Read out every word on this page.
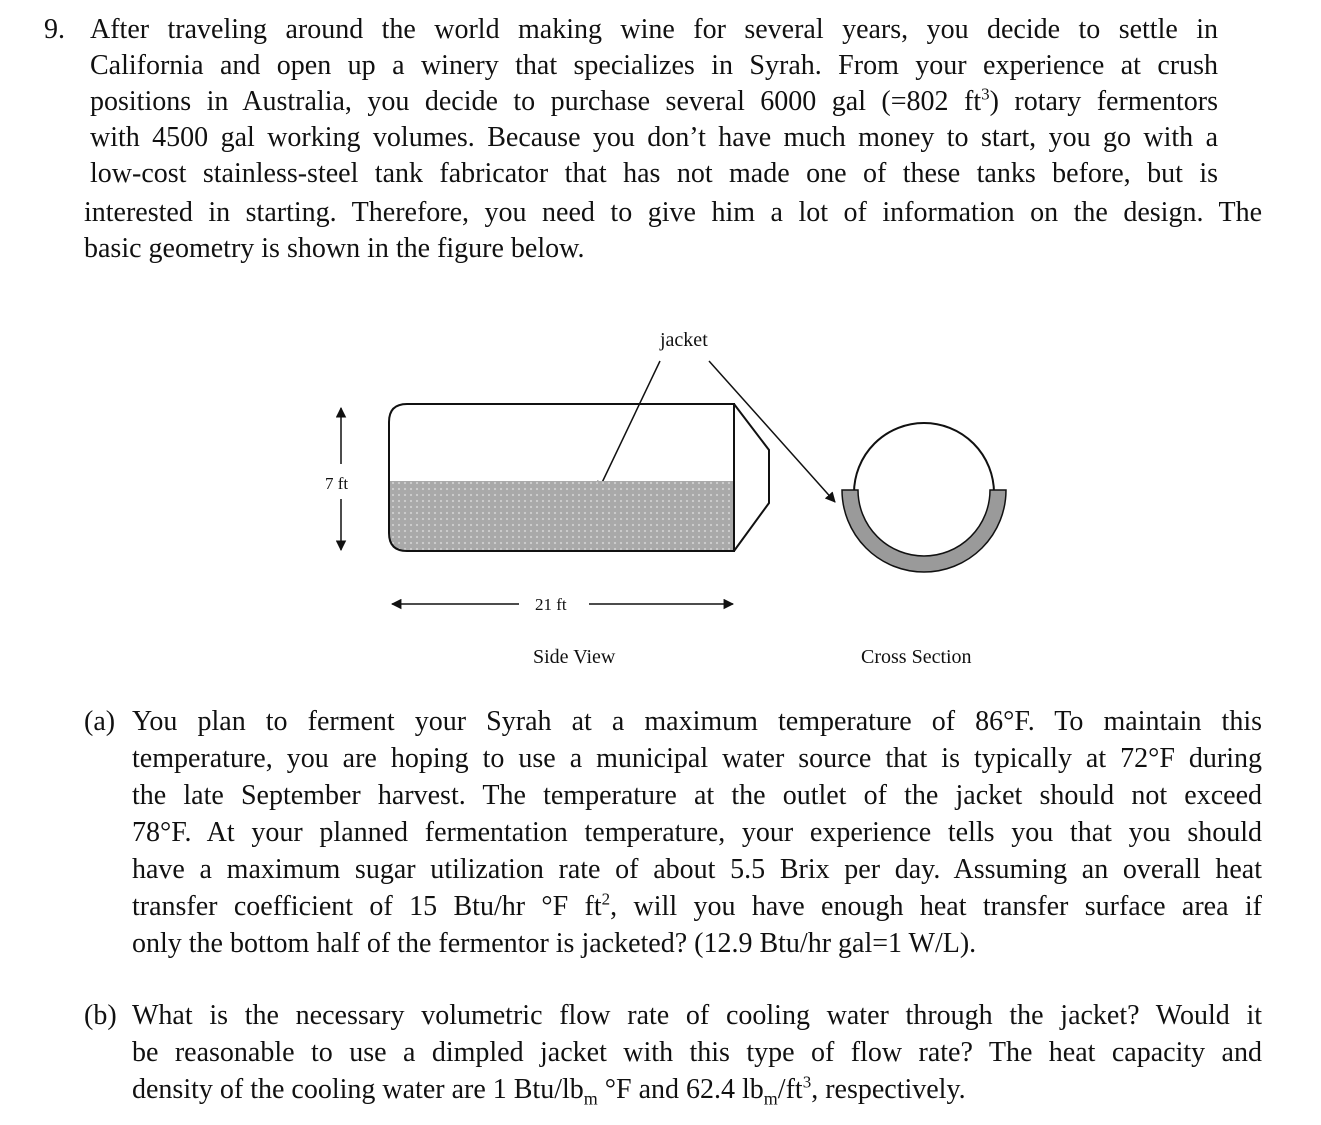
9. After traveling around the world making wine for several years, you decide to settle in
California and open up a winery that specializes in Syrah. From your experience at crush
positions in Australia, you decide to purchase several 6000 gal (=802 $ft^3$) rotary fermentors
with 4500 gal working volumes. Because you don’t have much money to start, you go with a
low-cost stainless-steel tank fabricator that has not made one of these tanks before, but is
interested in starting. Therefore, you need to give him a lot of information on the design. The
basic geometry is shown in the figure below.
jacket
7 ft
21 ft
Side View	Cross Section
(a) You plan to ferment your Syrah at a maximum temperature of 86°F. To maintain this
temperature, you are hoping to use a municipal water source that is typically at 72°F during
the late September harvest. The temperature at the outlet of the jacket should not exceed
78°F. At your planned fermentation temperature, your experience tells you that you should
have a maximum sugar utilization rate of about 5.5 Brix per day. Assuming an overall heat
transfer coefficient of 15 Btu/hr °F $ft^2$, will you have enough heat transfer surface area if
only the bottom half of the fermentor is jacketed? (12.9 Btu/hr gal=1 W/L).
(b) What is the necessary volumetric flow rate of cooling water through the jacket? Would it
be reasonable to use a dimpled jacket with this type of flow rate? The heat capacity and
density of the cooling water are 1 Btu/$lb_m$ °F and 62.4 $lb_m/ft^3$, respectively.
